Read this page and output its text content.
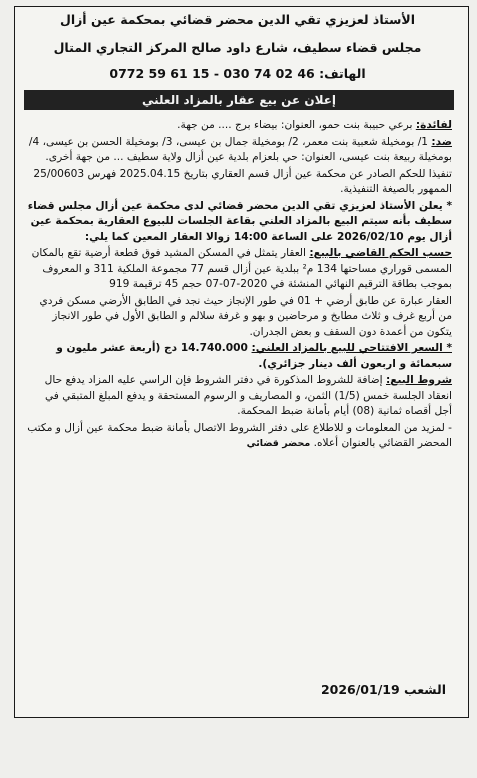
الأستاذ لعزيزي تقي الدين محضر قضائي بمحكمة عين أزال
مجلس قضاء سطيف، شارع داود صالح المركز التجاري المتال
الهاتف: 46 02 74 030 - 15 61 59 0772
إعلان عن بيع عقار بالمزاد العلني

لفائدة: برعي حبيبة بنت حمو، العنوان: بيضاء برج .... من جهة.

ضد: 1/ بومخيلة شعبية بنت معمر، 2/ بومخيلة جمال بن عيسى، 3/ بومخيلة الحسن بن عيسى، 4/ بومخيلة ربيعة بنت عيسى، العنوان: حي بلعزام بلدية عين أزال ولاية سطيف ... من جهة أخرى.

تنفيذا للحكم الصادر عن محكمة عين أزال قسم العقاري بتاريخ 2025.04.15 فهرس 25/00603 الممهور بالصيغة التنفيذية.

* يعلن الأستاذ لعزيزي تقي الدين محضر قضائي لدى محكمة عين أزال مجلس قضاء سطيف بأنه سيتم البيع بالمزاد العلني بقاعة الجلسات للبيوع العقارية بمحكمة عين أزال يوم 2026/02/10 على الساعة 14:00 زوالا العقار المعين كما يلي:

حسب الحكم القاضي بالبيع: العقار يتمثل في المسكن المشيد فوق قطعة أرضية تقع بالمكان المسمى قوراري مساحتها 134 م² ببلدية عين أزال قسم 77 مجموعة الملكية 311 و المعروف بموجب بطاقة الترقيم النهائي المنشئة في 2020-07-07 حجم 45 ترقيمة 919

العقار عبارة عن طابق أرضي + 01 في طور الإنجاز حيث نجد في الطابق الأرضي مسكن فردي من أربع غرف و ثلاث مطابخ و مرحاضين و بهو و غرفة سلالم و الطابق الأول في طور الانجاز يتكون من أعمدة دون السقف و بعض الجدران.

* السعر الافتتاحي للبيع بالمزاد العلني: 14.740.000 دج (أربعة عشر مليون و سبعمائة و اربعون ألف دينار جزائري).

شروط البيع: إضافة للشروط المذكورة في دفتر الشروط فإن الراسي عليه المزاد يدفع حال انعقاد الجلسة خمس (1/5) الثمن، و المصاريف و الرسوم المستحقة و يدفع المبلغ المتبقي في أجل أقصاه ثمانية (08) أيام بأمانة ضبط المحكمة.

- لمزيد من المعلومات و للاطلاع على دفتر الشروط الاتصال بأمانة ضبط محكمة عين أزال و مكتب المحضر القضائي بالعنوان أعلاه. محضر قضائي

الشعب 2026/01/19
